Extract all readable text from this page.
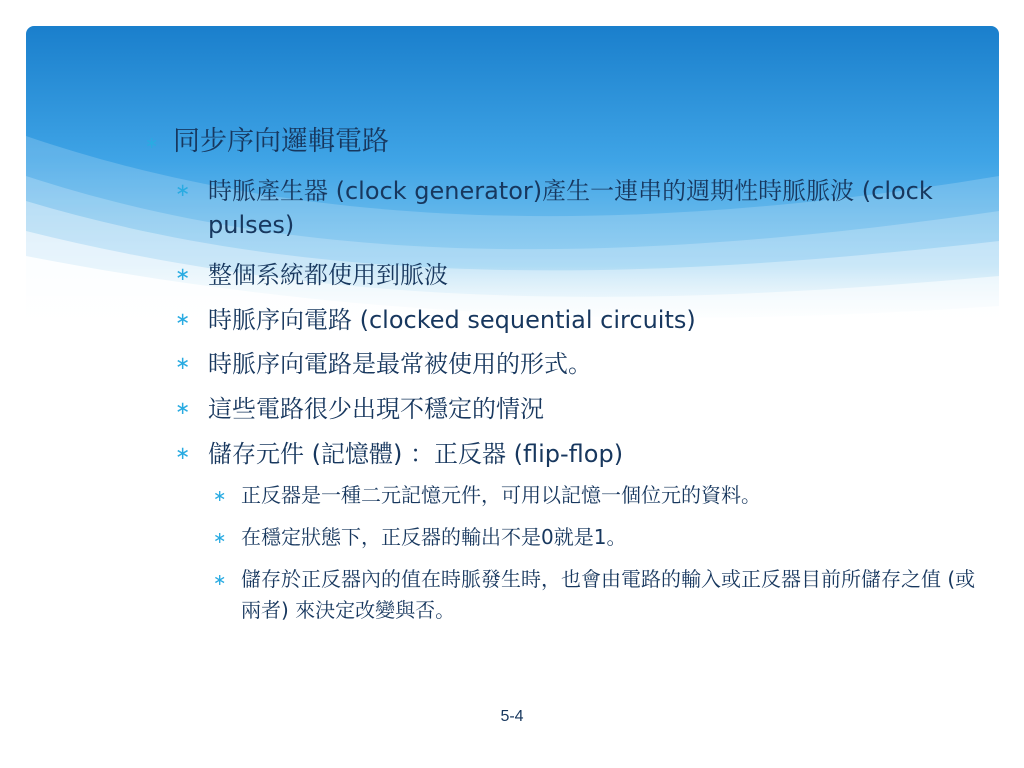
∗ 同步序向邏輯電路
∗ 時脈產生器 (clock generator)產生一連串的週期性時脈脈波 (clock pulses)
∗ 整個系統都使用到脈波
∗ 時脈序向電路 (clocked sequential circuits)
∗ 時脈序向電路是最常被使用的形式。
∗ 這些電路很少出現不穩定的情況
∗ 儲存元件 (記憶體) ：正反器 (flip-flop)
∗ 正反器是一種二元記憶元件，可用以記憶一個位元的資料。
∗ 在穩定狀態下，正反器的輸出不是0就是1。
∗ 儲存於正反器內的值在時脈發生時，也會由電路的輸入或正反器目前所儲存之值 (或兩者) 來決定改變與否。
5-4
